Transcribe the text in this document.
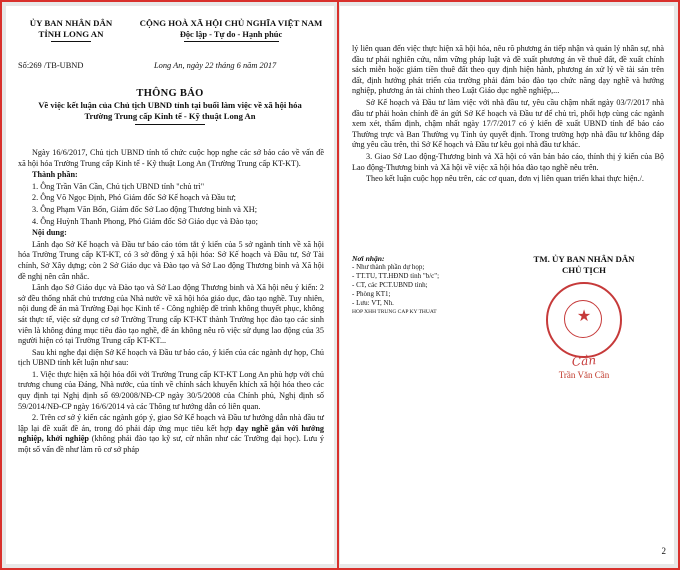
ỦY BAN NHÂN DÂN
TỈNH LONG AN
CỘNG HOÀ XÃ HỘI CHỦ NGHĨA VIỆT NAM
Độc lập - Tự do - Hạnh phúc
Số:269 /TB-UBND	Long An, ngày 22 tháng 6 năm 2017
THÔNG BÁO
Về việc kết luận của Chủ tịch UBND tỉnh tại buổi làm việc về xã hội hóa Trường Trung cấp Kinh tế - Kỹ thuật Long An

Ngày 16/6/2017, Chủ tịch UBND tỉnh tổ chức cuộc họp nghe các sở báo cáo về vấn đề xã hội hóa Trường Trung cấp Kinh tế - Kỹ thuật Long An (Trường Trung cấp KT-KT).

Thành phần:

1. Ông Trần Văn Cần, Chủ tịch UBND tỉnh "chủ trì"

2. Ông Võ Ngọc Định, Phó Giám đốc Sở Kế hoạch và Đầu tư;

3. Ông Phạm Văn Bốn, Giám đốc Sở Lao động Thương binh và XH;

4. Ông Huỳnh Thanh Phong, Phó Giám đốc Sở Giáo dục và Đào tạo;

Nội dung:

Lãnh đạo Sở Kế hoạch và Đầu tư báo cáo tóm tắt ý kiến của 5 sở ngành tỉnh về xã hội hóa Trường Trung cấp KT-KT, có 3 sở đồng ý xã hội hóa: Sở Kế hoạch và Đầu tư, Sở Tài chính, Sở Xây dựng; còn 2 Sở Giáo dục và Đào tạo và Sở Lao động Thương binh và Xã hội đề nghị nên cân nhắc.

Lãnh đạo Sở Giáo dục và Đào tạo và Sở Lao động Thương binh và Xã hội nêu ý kiến: 2 sở đều thống nhất chủ trương của Nhà nước về xã hội hóa giáo dục, đào tạo nghề. Tuy nhiên, nội dung đề án mà Trường Đại học Kinh tế - Công nghiệp đề trình không thuyết phục, không sát thực tế, việc sử dụng cơ sở Trường Trung cấp KT-KT thành Trường học đào tạo các sinh viên là không đúng mục tiêu đào tạo nghề, đề án không nêu rõ việc sử dụng lao động của 35 người hiện có tại Trường Trung cấp KT-KT...

Sau khi nghe đại diện Sở Kế hoạch và Đầu tư báo cáo, ý kiến của các ngành dự họp, Chủ tịch UBND tỉnh kết luận như sau:

1. Việc thực hiện xã hội hóa đối với Trường Trung cấp KT-KT Long An phù hợp với chủ trương chung của Đảng, Nhà nước, của tỉnh về chính sách khuyến khích xã hội hóa theo các quy định tại Nghị định số 69/2008/NĐ-CP ngày 30/5/2008 của Chính phủ, Nghị định số 59/2014/NĐ-CP ngày 16/6/2014 và các Thông tư hướng dẫn có liên quan.

2. Trên cơ sở ý kiến các ngành góp ý, giao Sở Kế hoạch và Đầu tư hướng dẫn nhà đầu tư lập lại đề xuất đề án, trong đó phải đáp ứng mục tiêu kết hợp dạy nghề gắn với hướng nghiệp, khởi nghiệp (không phải đào tạo kỹ sư, cử nhân như các Trường đại học). Lưu ý một số vấn đề như làm rõ cơ sở pháp

lý liên quan đến việc thực hiện xã hội hóa, nêu rõ phương án tiếp nhận và quản lý nhân sự, nhà đầu tư phải nghiên cứu, nắm vững pháp luật và đề xuất phương án về thuê đất, đề xuất chính sách miễn hoặc giảm tiền thuê đất theo quy định hiện hành, phương án xử lý về tài sản trên đất, định hướng phát triển của trường phải đảm bảo đào tạo chức năng dạy nghề và hướng nghiệp, phương án tài chính theo Luật Giáo dục nghề nghiệp,...

Sở Kế hoạch và Đầu tư làm việc với nhà đầu tư, yêu cầu chậm nhất ngày 03/7/2017 nhà đầu tư phải hoàn chỉnh đề án gửi Sở Kế hoạch và Đầu tư để chủ trì, phối hợp cùng các ngành xem xét, thẩm định, chậm nhất ngày 17/7/2017 có ý kiến đề xuất UBND tỉnh để báo cáo Thường trực và Ban Thường vụ Tỉnh ủy quyết định. Trong trường hợp nhà đầu tư không đáp ứng yêu cầu trên, thì Sở Kế hoạch và Đầu tư kêu gọi nhà đầu tư khác.

3. Giao Sở Lao động-Thương binh và Xã hội có văn bản báo cáo, thỉnh thị ý kiến của Bộ Lao động-Thương binh và Xã hội về việc xã hội hóa đào tạo nghề nêu trên.

Theo kết luận cuộc họp nêu trên, các cơ quan, đơn vị liên quan triển khai thực hiện./.

Nơi nhận:
- Như thành phần dự họp;
- TT.TU, TT.HĐND tỉnh "b/c";
- CT, các PCT.UBND tỉnh;
- Phòng KT1;
- Lưu: VT, Nh.
HOP XHH TRUNG CAP KY THUAT
TM. ỦY BAN NHÂN DÂN
CHỦ TỊCH
★
Cần
Trần Văn Cần
2
